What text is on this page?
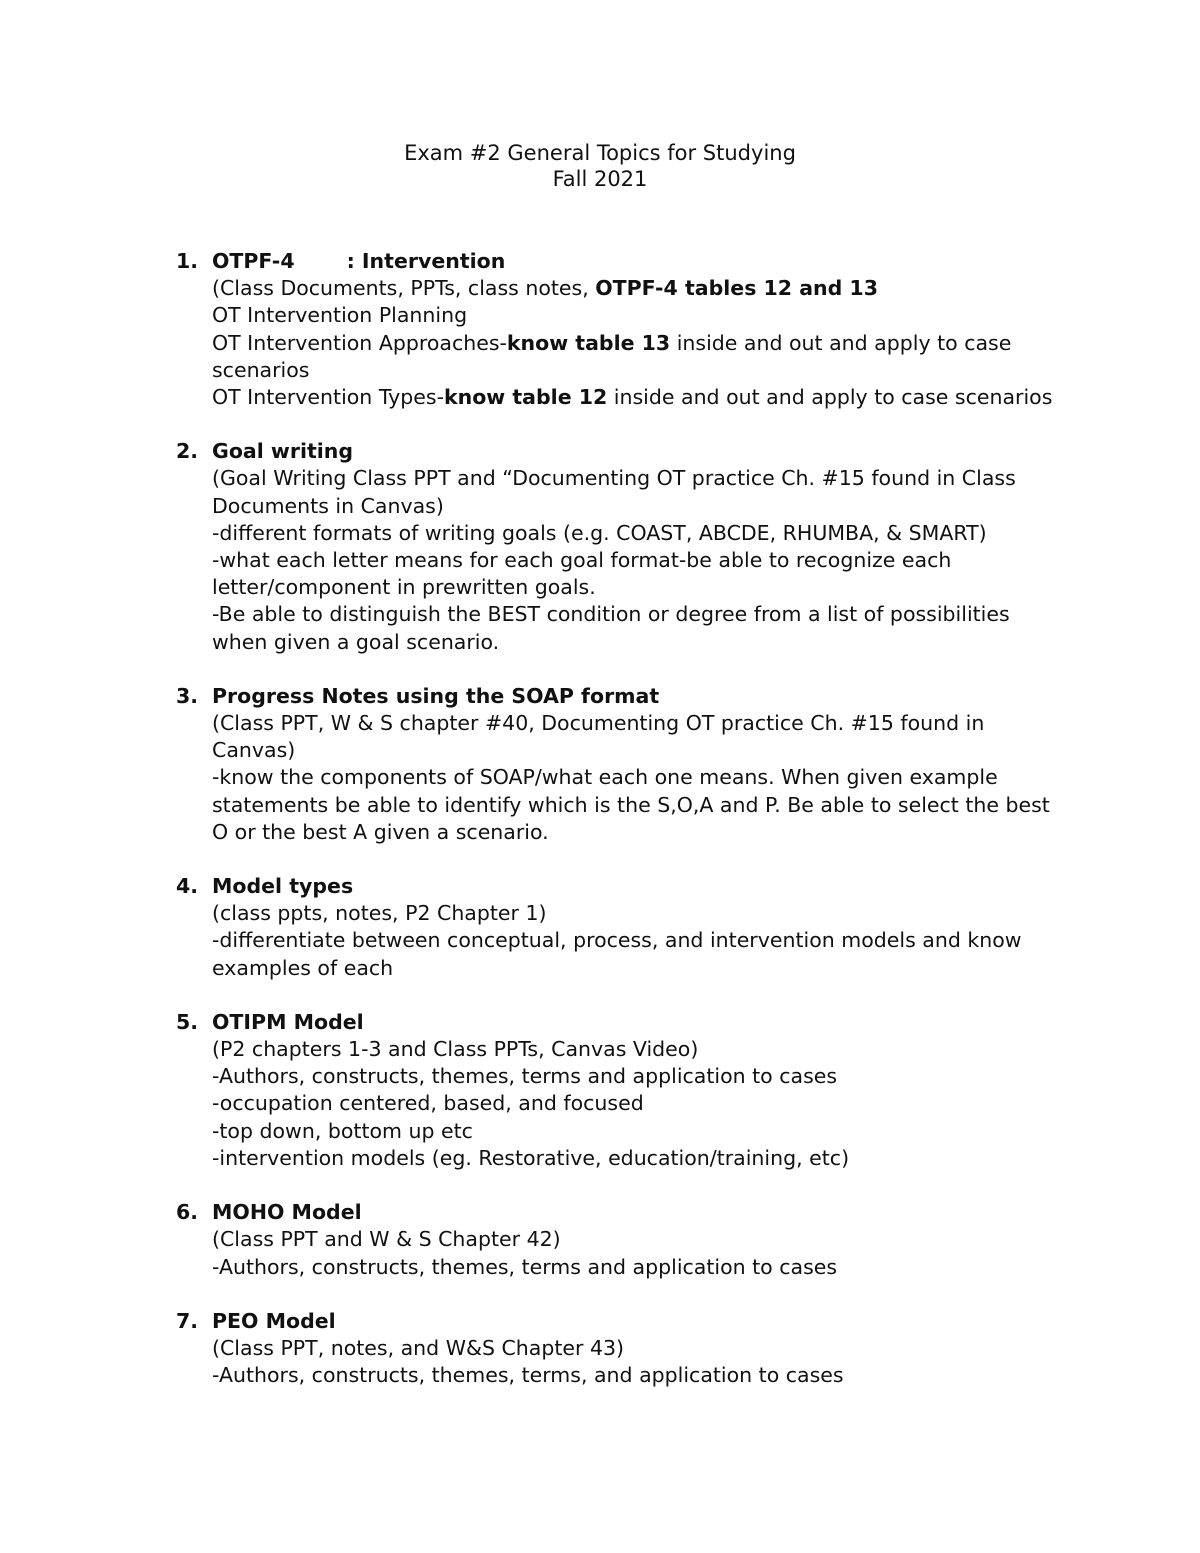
Exam #2 General Topics for Studying
Fall 2021
1. OTPF-4	: Intervention
(Class Documents, PPTs, class notes, OTPF-4 tables 12 and 13
OT Intervention Planning
OT Intervention Approaches-know table 13 inside and out and apply to case scenarios
OT Intervention Types-know table 12 inside and out and apply to case scenarios
2. Goal writing
(Goal Writing Class PPT and “Documenting OT practice Ch. #15 found in Class Documents in Canvas)
-different formats of writing goals (e.g. COAST, ABCDE, RHUMBA, & SMART)
-what each letter means for each goal format-be able to recognize each letter/component in prewritten goals.
-Be able to distinguish the BEST condition or degree from a list of possibilities when given a goal scenario.
3. Progress Notes using the SOAP format
(Class PPT, W & S chapter #40, Documenting OT practice Ch. #15 found in Canvas)
-know the components of SOAP/what each one means. When given example statements be able to identify which is the S,O,A and P. Be able to select the best O or the best A given a scenario.
4. Model types
(class ppts, notes, P2 Chapter 1)
-differentiate between conceptual, process, and intervention models and know examples of each
5. OTIPM Model
(P2 chapters 1-3 and Class PPTs, Canvas Video)
-Authors, constructs, themes, terms and application to cases
-occupation centered, based, and focused
-top down, bottom up etc
-intervention models (eg. Restorative, education/training, etc)
6. MOHO Model
(Class PPT and W & S Chapter 42)
-Authors, constructs, themes, terms and application to cases
7. PEO Model
(Class PPT, notes, and W&S Chapter 43)
-Authors, constructs, themes, terms, and application to cases
